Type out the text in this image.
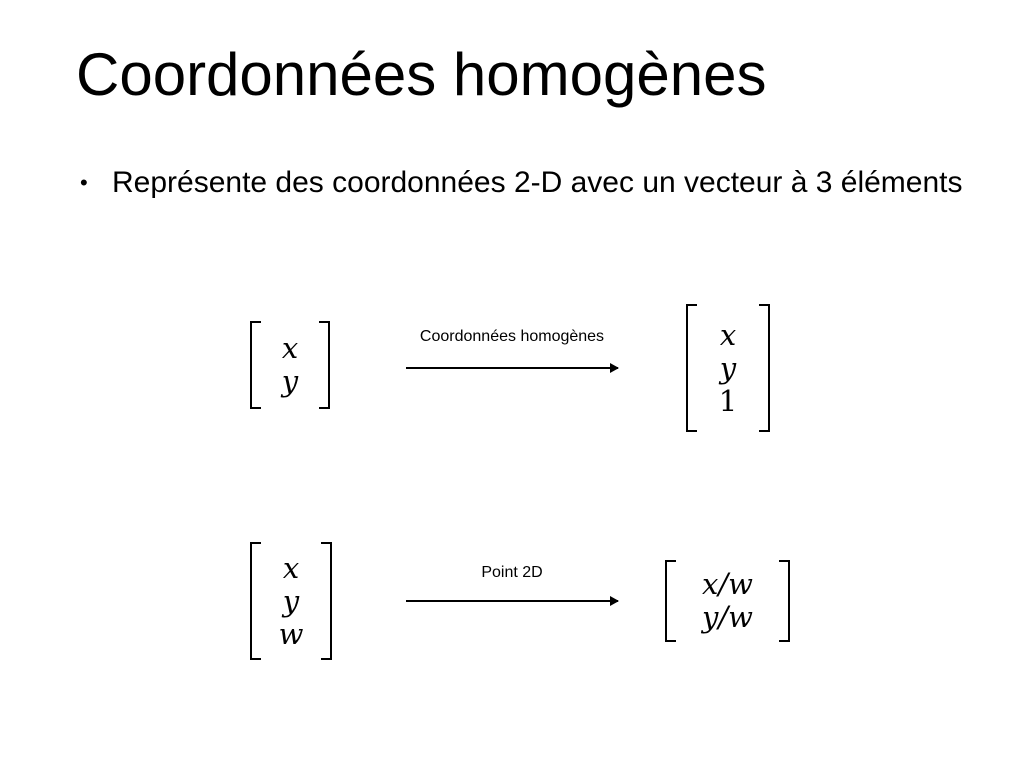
Coordonnées homogènes
• Représente des coordonnées 2-D avec un vecteur à 3 éléments
x
y
Coordonnées homogènes	x
y
1
x
y
w
Point 2D	x/w
y/w
